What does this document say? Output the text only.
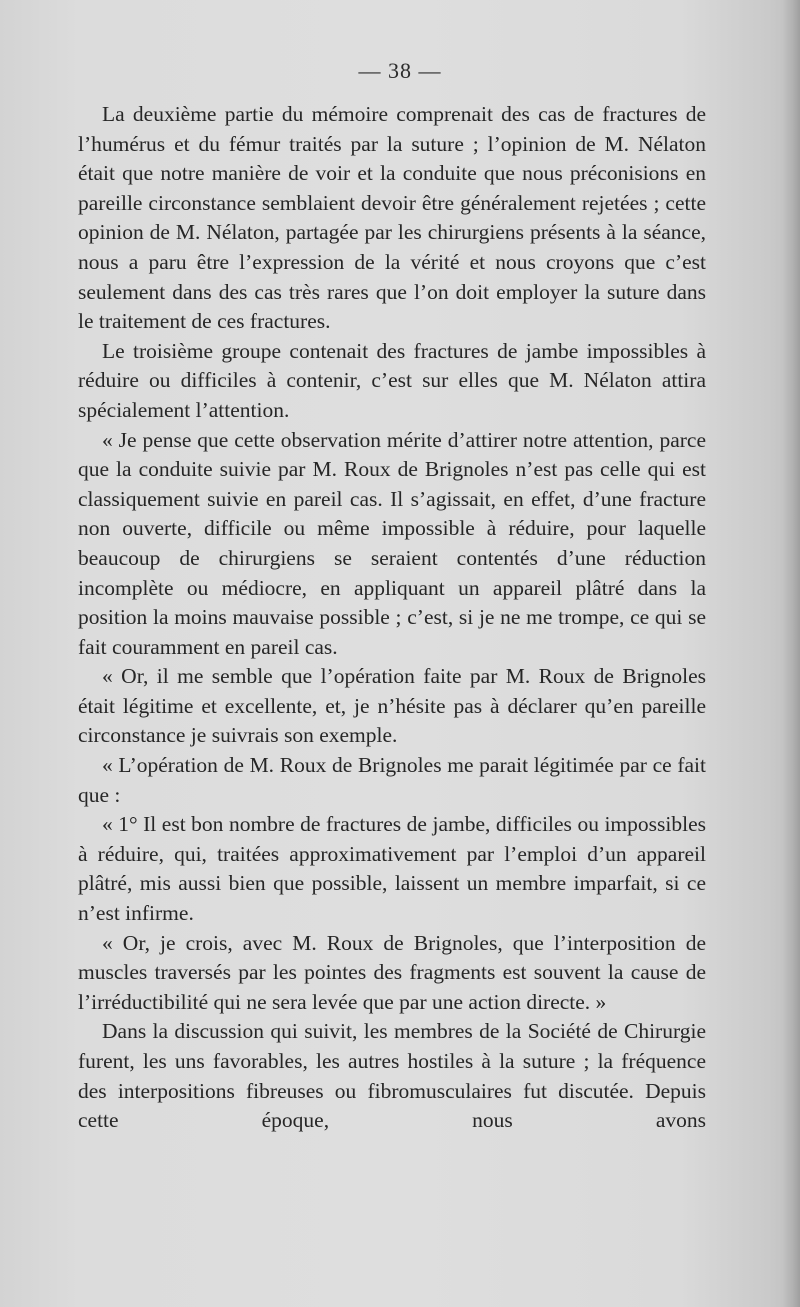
— 38 —

La deuxième partie du mémoire comprenait des cas de fractures de l’humérus et du fémur traités par la suture ; l’opinion de M. Nélaton était que notre manière de voir et la conduite que nous préconisions en pareille circonstance semblaient devoir être généralement rejetées ; cette opinion de M. Nélaton, partagée par les chirurgiens présents à la séance, nous a paru être l’expression de la vérité et nous croyons que c’est seulement dans des cas très rares que l’on doit employer la suture dans le traitement de ces fractures.

Le troisième groupe contenait des fractures de jambe impossibles à réduire ou difficiles à contenir, c’est sur elles que M. Nélaton attira spécialement l’attention.

« Je pense que cette observation mérite d’attirer notre attention, parce que la conduite suivie par M. Roux de Brignoles n’est pas celle qui est classiquement suivie en pareil cas. Il s’agissait, en effet, d’une fracture non ouverte, difficile ou même impossible à réduire, pour laquelle beaucoup de chirurgiens se seraient contentés d’une réduction incomplète ou médiocre, en appliquant un appareil plâtré dans la position la moins mauvaise possible ; c’est, si je ne me trompe, ce qui se fait couramment en pareil cas.

« Or, il me semble que l’opération faite par M. Roux de Brignoles était légitime et excellente, et, je n’hésite pas à déclarer qu’en pareille circonstance je suivrais son exemple.

« L’opération de M. Roux de Brignoles me parait légitimée par ce fait que :

« 1° Il est bon nombre de fractures de jambe, difficiles ou impossibles à réduire, qui, traitées approximativement par l’emploi d’un appareil plâtré, mis aussi bien que possible, laissent un membre imparfait, si ce n’est infirme.

« Or, je crois, avec M. Roux de Brignoles, que l’interposition de muscles traversés par les pointes des fragments est souvent la cause de l’irréductibilité qui ne sera levée que par une action directe. »

Dans la discussion qui suivit, les membres de la Société de Chirurgie furent, les uns favorables, les autres hostiles à la suture ; la fréquence des interpositions fibreuses ou fibromusculaires fut discutée. Depuis cette époque, nous avons
